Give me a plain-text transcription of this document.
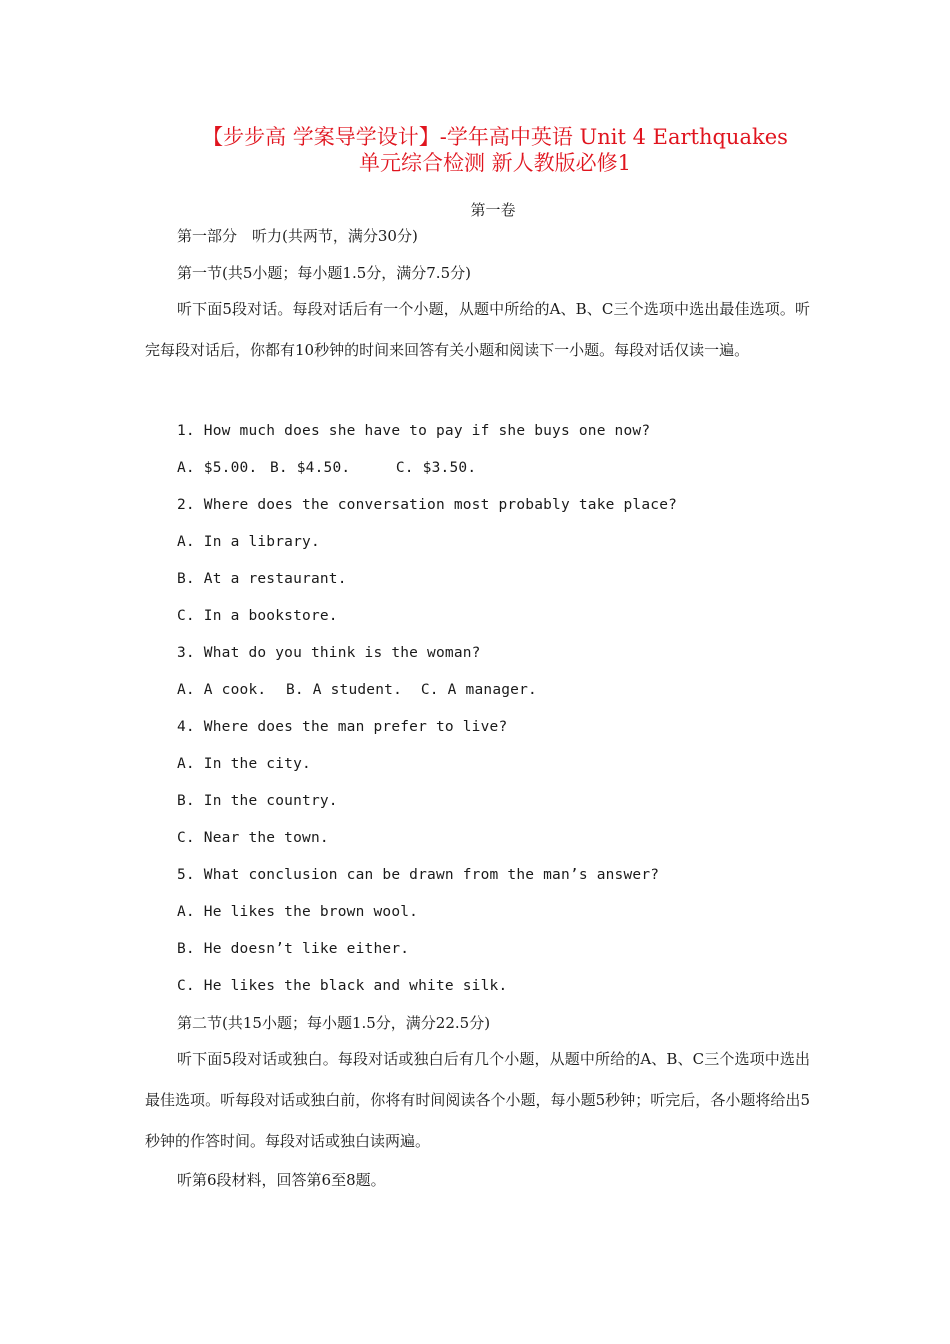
【步步高 学案导学设计】-学年高中英语 Unit 4 Earthquakes
单元综合检测 新人教版必修1
第一卷
第一部分　听力(共两节，满分30分)
第一节(共5小题；每小题1.5分，满分7.5分)
听下面5段对话。每段对话后有一个小题，从题中所给的A、B、C三个选项中选出最佳选项。听完每段对话后，你都有10秒钟的时间来回答有关小题和阅读下一小题。每段对话仅读一遍。
1. How much does she have to pay if she buys one now?
A. $5.00. B. $4.50.	C. $3.50.
2. Where does the conversation most probably take place?
A. In a library.
B. At a restaurant.
C. In a bookstore.
3. What do you think is the woman?
A. A cook. B. A student. C. A manager.
4. Where does the man prefer to live?
A. In the city.
B. In the country.
C. Near the town.
5. What conclusion can be drawn from the man’s answer?
A. He likes the brown wool.
B. He doesn’t like either.
C. He likes the black and white silk.
第二节(共15小题；每小题1.5分，满分22.5分)
听下面5段对话或独白。每段对话或独白后有几个小题，从题中所给的A、B、C三个选项中选出最佳选项。听每段对话或独白前，你将有时间阅读各个小题，每小题5秒钟；听完后，各小题将给出5秒钟的作答时间。每段对话或独白读两遍。
听第6段材料，回答第6至8题。
